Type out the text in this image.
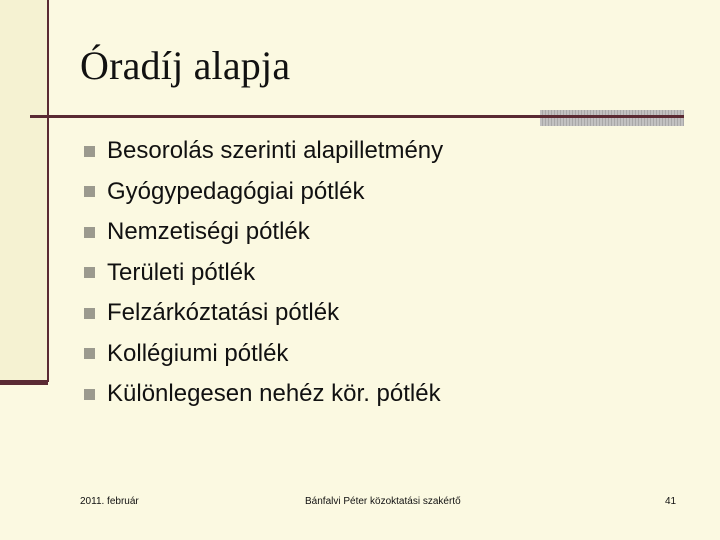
Óradíj alapja
Besorolás szerinti alapilletmény
Gyógypedagógiai pótlék
Nemzetiségi pótlék
Területi pótlék
Felzárkóztatási pótlék
Kollégiumi pótlék
Különlegesen nehéz kör. pótlék
2011. február	Bánfalvi Péter közoktatási szakértő	41
